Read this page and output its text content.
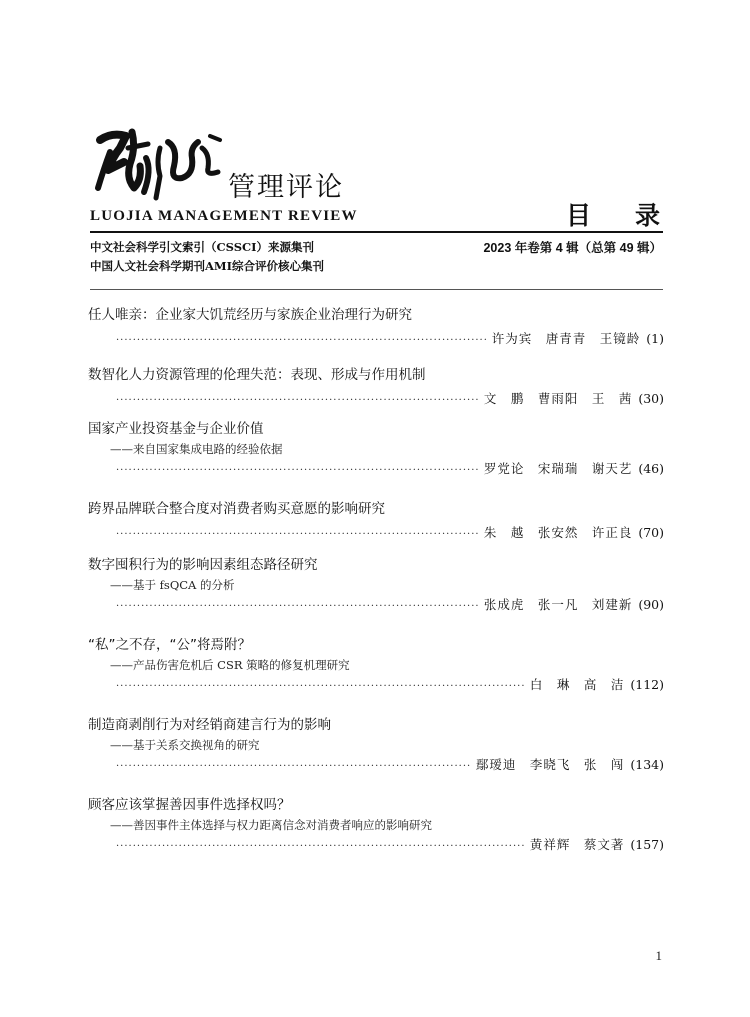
管理评论
LUOJIA MANAGEMENT REVIEW	目录
中文社会科学引文索引（CSSCI）来源集刊
中国人文社会科学期刊AMI综合评价核心集刊
2023 年卷第 4 辑（总第 49 辑）
任人唯亲：企业家大饥荒经历与家族企业治理行为研究
·····
许为宾　唐青青　王镜龄 (1)
数智化人力资源管理的伦理失范：表现、形成与作用机制
·····
文　鹏　曹雨阳　王　茜 (30)
国家产业投资基金与企业价值
——来自国家集成电路的经验依据
·····
罗党论　宋瑞瑞　谢天艺 (46)
跨界品牌联合整合度对消费者购买意愿的影响研究
·····
朱　越　张安然　许正良 (70)
数字囤积行为的影响因素组态路径研究
——基于 fsQCA 的分析
·····
张成虎　张一凡　刘建新 (90)
“私”之不存，“公”将焉附？
——产品伤害危机后 CSR 策略的修复机理研究
·····
白　琳　高　洁 (112)
制造商剥削行为对经销商建言行为的影响
——基于关系交换视角的研究
·····
鄢瑷迪　李晓飞　张　闯 (134)
顾客应该掌握善因事件选择权吗？
——善因事件主体选择与权力距离信念对消费者响应的影响研究
·····
黄祥辉　蔡文著 (157)
1
